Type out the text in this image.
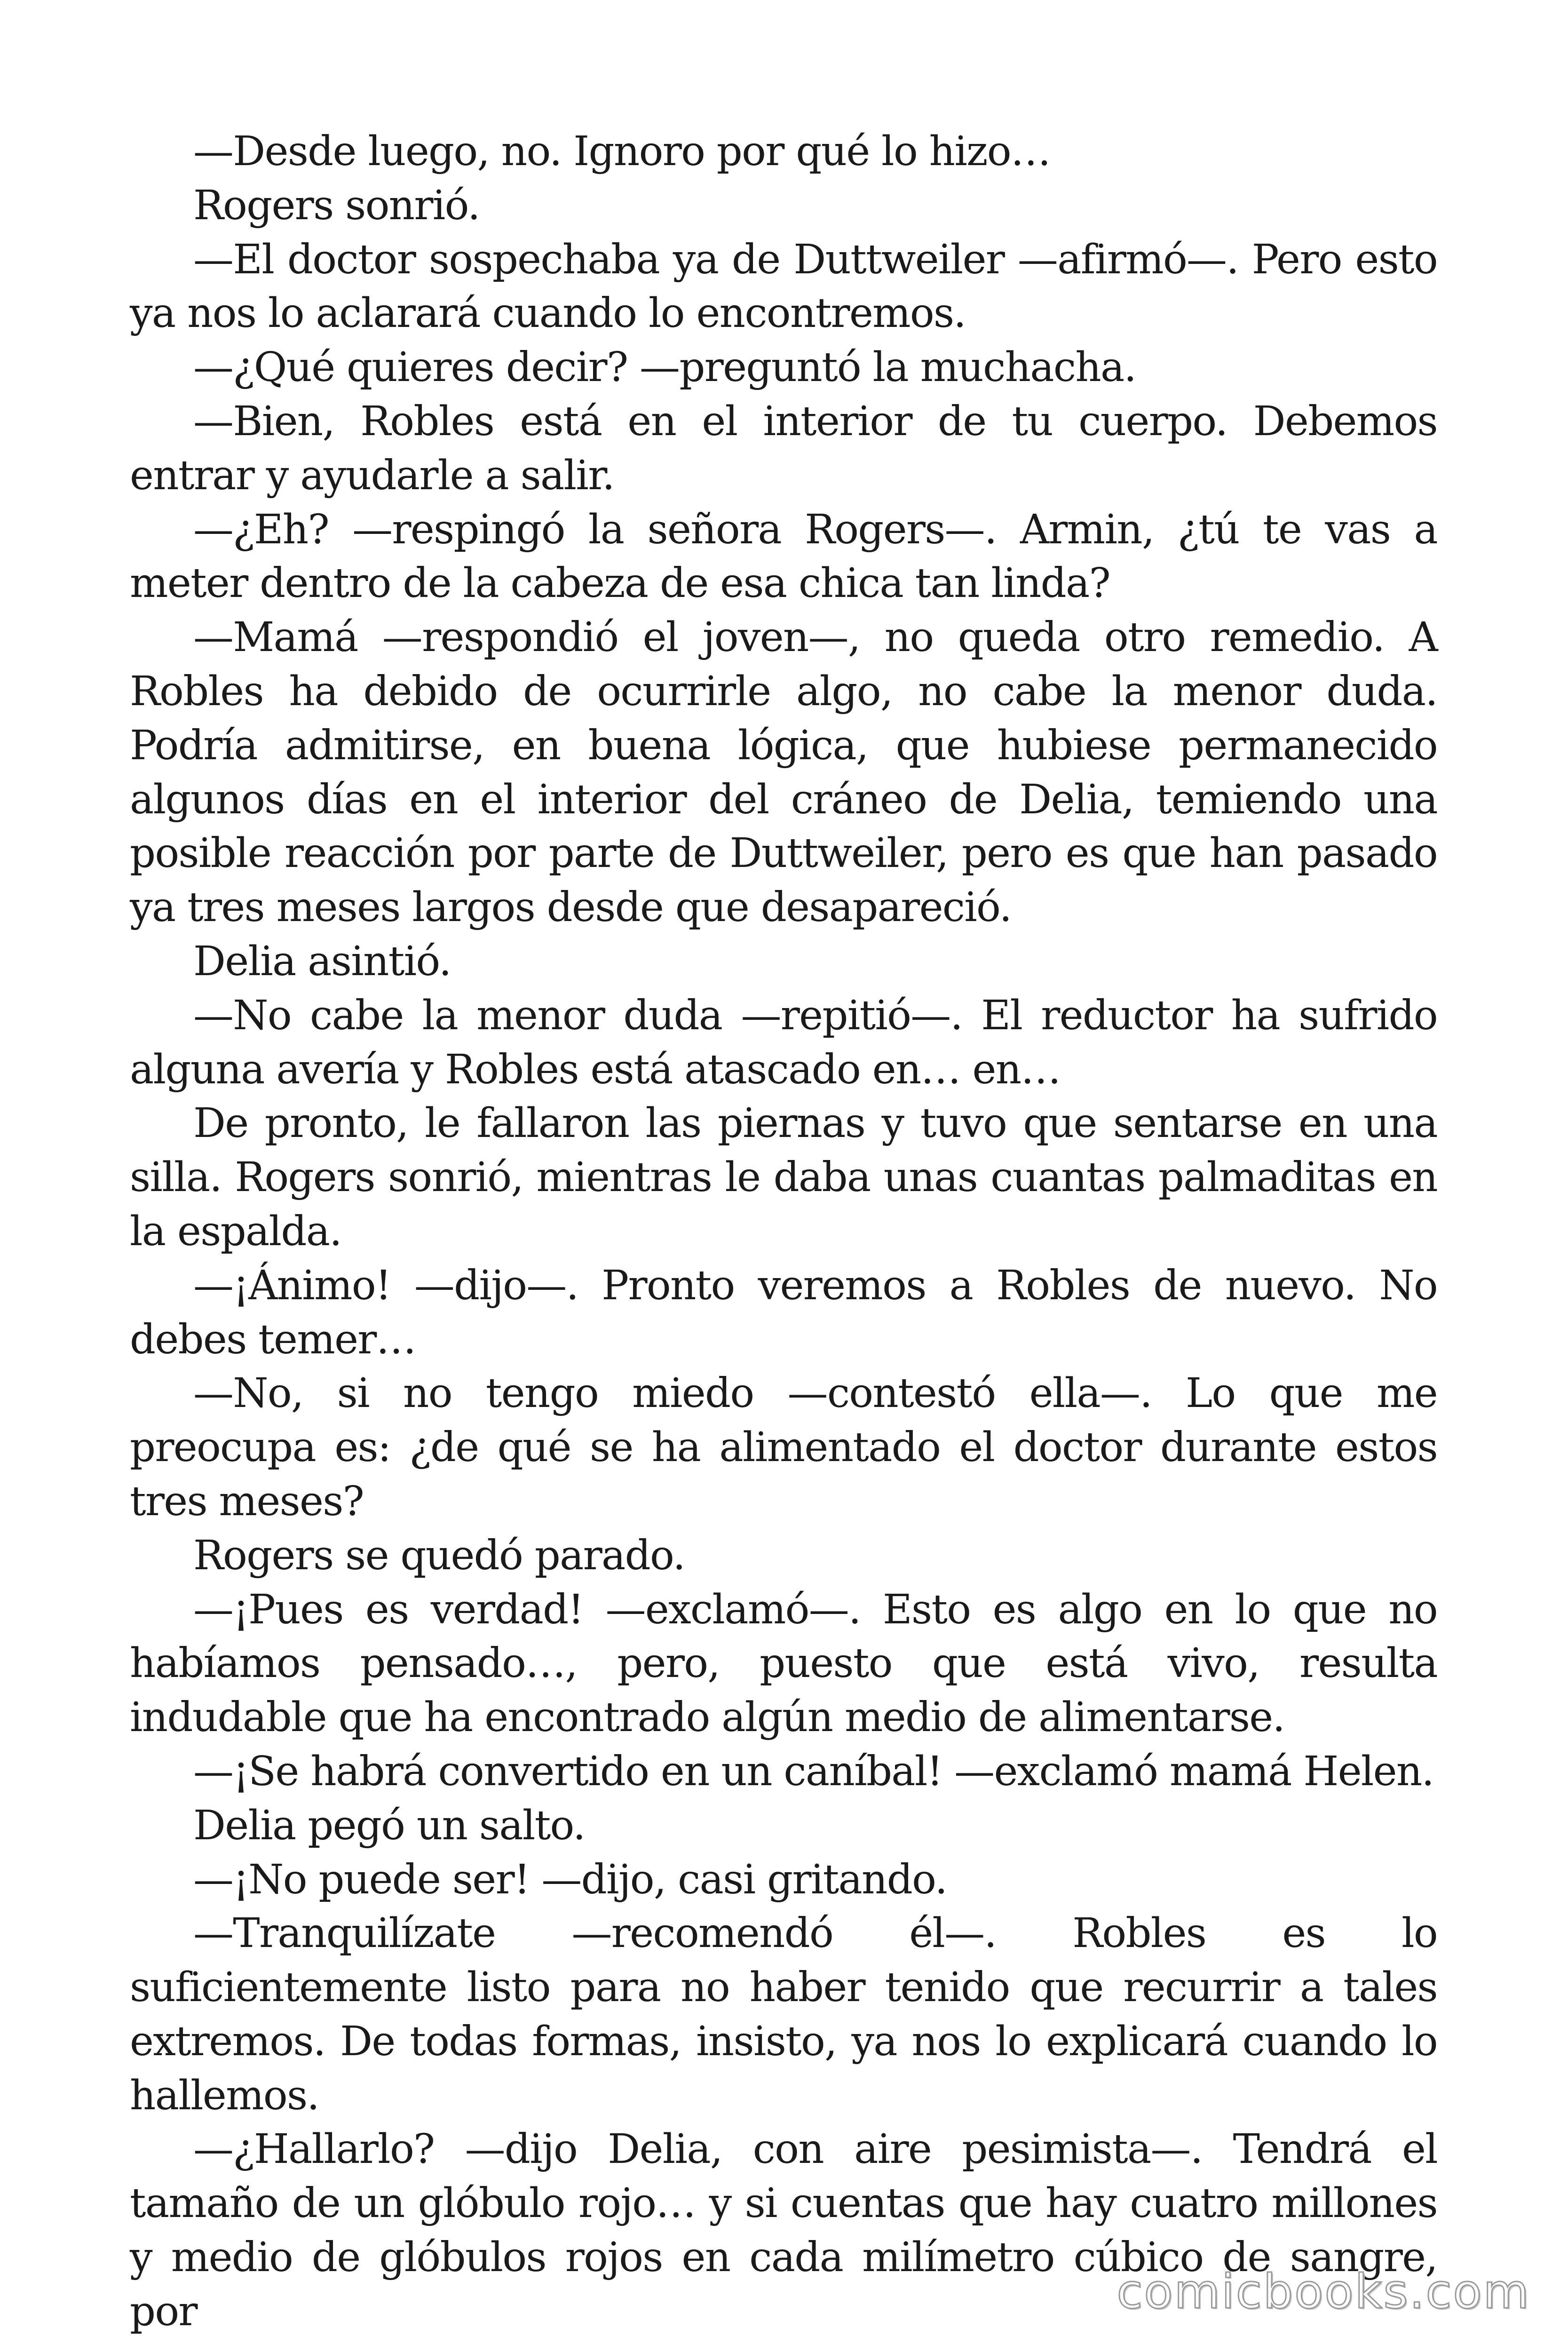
—Desde luego, no. Ignoro por qué lo hizo…

Rogers sonrió.

—El doctor sospechaba ya de Duttweiler —afirmó—. Pero esto ya nos lo aclarará cuando lo encontremos.

—¿Qué quieres decir? —preguntó la muchacha.

—Bien, Robles está en el interior de tu cuerpo. Debemos entrar y ayudarle a salir.

—¿Eh? —respingó la señora Rogers—. Armin, ¿tú te vas a meter dentro de la cabeza de esa chica tan linda?

—Mamá —respondió el joven—, no queda otro remedio. A Robles ha debido de ocurrirle algo, no cabe la menor duda. Podría admitirse, en buena lógica, que hubiese permanecido algunos días en el interior del cráneo de Delia, temiendo una posible reacción por parte de Duttweiler, pero es que han pasado ya tres meses largos desde que desapareció.

Delia asintió.

—No cabe la menor duda —repitió—. El reductor ha sufrido alguna avería y Robles está atascado en… en…

De pronto, le fallaron las piernas y tuvo que sentarse en una silla. Rogers sonrió, mientras le daba unas cuantas palmaditas en la espalda.

—¡Ánimo! —dijo—. Pronto veremos a Robles de nuevo. No debes temer…

—No, si no tengo miedo —contestó ella—. Lo que me preocupa es: ¿de qué se ha alimentado el doctor durante estos tres meses?

Rogers se quedó parado.

—¡Pues es verdad! —exclamó—. Esto es algo en lo que no habíamos pensado…, pero, puesto que está vivo, resulta indudable que ha encontrado algún medio de alimentarse.

—¡Se habrá convertido en un caníbal! —exclamó mamá Helen.

Delia pegó un salto.

—¡No puede ser! —dijo, casi gritando.

—Tranquilízate —recomendó él—. Robles es lo suficientemente listo para no haber tenido que recurrir a tales extremos. De todas formas, insisto, ya nos lo explicará cuando lo hallemos.

—¿Hallarlo? —dijo Delia, con aire pesimista—. Tendrá el tamaño de un glóbulo rojo… y si cuentas que hay cuatro millones y medio de glóbulos rojos en cada milímetro cúbico de sangre, por	comicbooks.com
